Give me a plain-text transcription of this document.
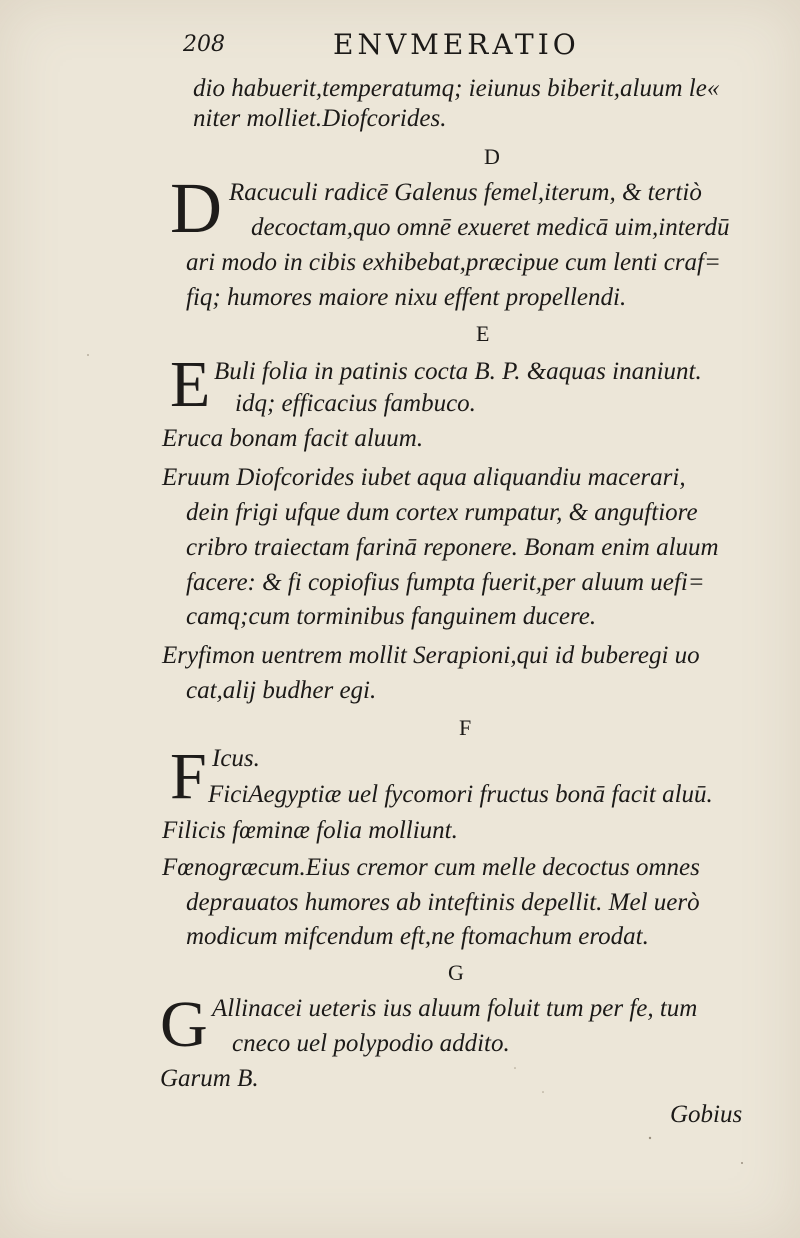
208	ENVMERATIO
dio habuerit,temperatumq; ieiunus biberit,aluum le«
niter molliet.Diofcorides.
D
D Racuculi radicē Galenus femel,iterum, & tertiò
decoctam,quo omnē exueret medicā uim,interdū
ari modo in cibis exhibebat,præcipue cum lenti craf=
fiq; humores maiore nixu effent propellendi.
E
E Buli folia in patinis cocta B. P. &aquas inaniunt.
idq; efficacius fambuco.
Eruca bonam facit aluum.
Eruum Diofcorides iubet aqua aliquandiu macerari,
dein frigi ufque dum cortex rumpatur, & anguftiore
cribro traiectam farinā reponere. Bonam enim aluum
facere: & fi copiofius fumpta fuerit,per aluum uefi=
camq;cum torminibus fanguinem ducere.
Eryfimon uentrem mollit Serapioni,qui id buberegi uo
cat,alij budher egi.
F
F Icus.
FiciAegyptiæ uel fycomori fructus bonā facit aluū.
Filicis fœminæ folia molliunt.
Fœnogræcum.Eius cremor cum melle decoctus omnes
deprauatos humores ab inteftinis depellit. Mel uerò
modicum mifcendum eft,ne ftomachum erodat.
G
G Allinacei ueteris ius aluum foluit tum per fe, tum
cneco uel polypodio addito.
Garum B.
Gobius
